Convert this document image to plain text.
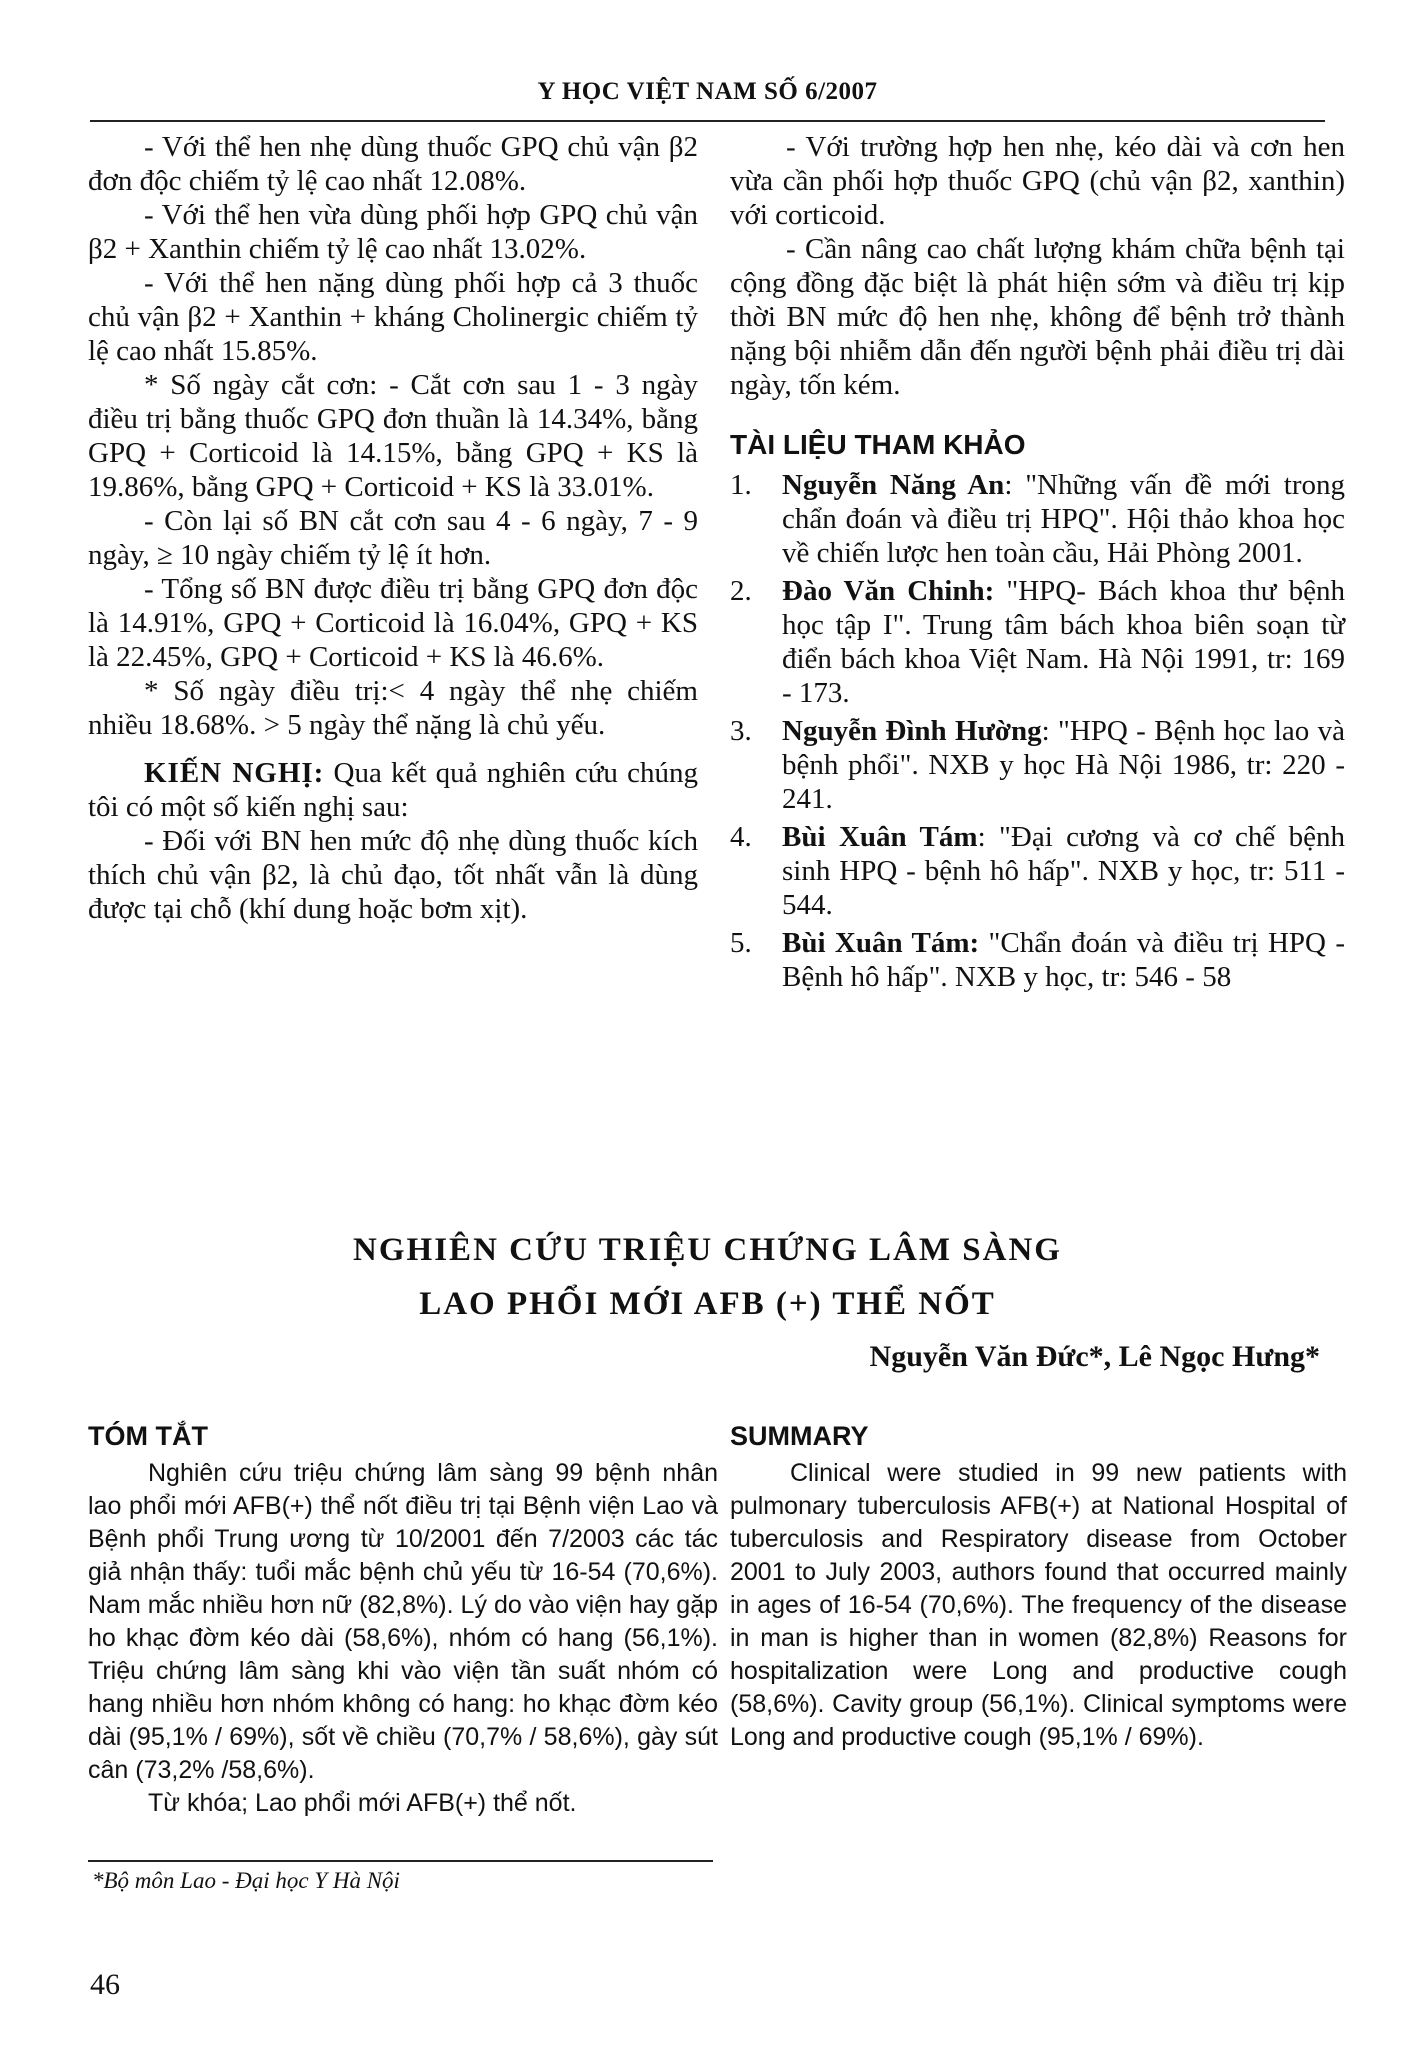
Y HỌC VIỆT NAM SỐ 6/2007

- Với thể hen nhẹ dùng thuốc GPQ chủ vận β2 đơn độc chiếm tỷ lệ cao nhất 12.08%.

- Với thể hen vừa dùng phối hợp GPQ chủ vận β2 + Xanthin chiếm tỷ lệ cao nhất 13.02%.

- Với thể hen nặng dùng phối hợp cả 3 thuốc chủ vận β2 + Xanthin + kháng Cholinergic chiếm tỷ lệ cao nhất 15.85%.

* Số ngày cắt cơn: - Cắt cơn sau 1 - 3 ngày điều trị bằng thuốc GPQ đơn thuần là 14.34%, bằng GPQ + Corticoid là 14.15%, bằng GPQ + KS là 19.86%, bằng GPQ + Corticoid + KS là 33.01%.

- Còn lại số BN cắt cơn sau 4 - 6 ngày, 7 - 9 ngày, ≥ 10 ngày chiếm tỷ lệ ít hơn.

- Tổng số BN được điều trị bằng GPQ đơn độc là 14.91%, GPQ + Corticoid là 16.04%, GPQ + KS là 22.45%, GPQ + Corticoid + KS là 46.6%.

* Số ngày điều trị:< 4 ngày thể nhẹ chiếm nhiều 18.68%. > 5 ngày thể nặng là chủ yếu.

KIẾN NGHỊ: Qua kết quả nghiên cứu chúng tôi có một số kiến nghị sau:

- Đối với BN hen mức độ nhẹ dùng thuốc kích thích chủ vận β2, là chủ đạo, tốt nhất vẫn là dùng được tại chỗ (khí dung hoặc bơm xịt).

- Với trường hợp hen nhẹ, kéo dài và cơn hen vừa cần phối hợp thuốc GPQ (chủ vận β2, xanthin) với corticoid.

- Cần nâng cao chất lượng khám chữa bệnh tại cộng đồng đặc biệt là phát hiện sớm và điều trị kịp thời BN mức độ hen nhẹ, không để bệnh trở thành nặng bội nhiễm dẫn đến người bệnh phải điều trị dài ngày, tốn kém.

TÀI LIỆU THAM KHẢO
1.	Nguyễn Năng An: "Những vấn đề mới trong chẩn đoán và điều trị HPQ". Hội thảo khoa học về chiến lược hen toàn cầu, Hải Phòng 2001.
2.	Đào Văn Chinh: "HPQ- Bách khoa thư bệnh học tập I". Trung tâm bách khoa biên soạn từ điển bách khoa Việt Nam. Hà Nội 1991, tr: 169 - 173.
3.	Nguyễn Đình Hường: "HPQ - Bệnh học lao và bệnh phổi". NXB y học Hà Nội 1986, tr: 220 - 241.
4.	Bùi Xuân Tám: "Đại cương và cơ chế bệnh sinh HPQ - bệnh hô hấp". NXB y học, tr: 511 - 544.
5.	Bùi Xuân Tám: "Chẩn đoán và điều trị HPQ - Bệnh hô hấp". NXB y học, tr: 546 - 58
NGHIÊN CỨU TRIỆU CHỨNG LÂM SÀNG
LAO PHỔI MỚI AFB (+) THỂ NỐT
Nguyễn Văn Đức*, Lê Ngọc Hưng*
TÓM TẮT

Nghiên cứu triệu chứng lâm sàng 99 bệnh nhân lao phổi mới AFB(+) thể nốt điều trị tại Bệnh viện Lao và Bệnh phổi Trung ương từ 10/2001 đến 7/2003 các tác giả nhận thấy: tuổi mắc bệnh chủ yếu từ 16-54 (70,6%). Nam mắc nhiều hơn nữ (82,8%). Lý do vào viện hay gặp ho khạc đờm kéo dài (58,6%), nhóm có hang (56,1%). Triệu chứng lâm sàng khi vào viện tần suất nhóm có hang nhiều hơn nhóm không có hang: ho khạc đờm kéo dài (95,1% / 69%), sốt về chiều (70,7% / 58,6%), gày sút cân (73,2% /58,6%).

Từ khóa; Lao phổi mới AFB(+) thể nốt.

SUMMARY

Clinical were studied in 99 new patients with pulmonary tuberculosis AFB(+) at National Hospital of tuberculosis and Respiratory disease from October 2001 to July 2003, authors found that occurred mainly in ages of 16-54 (70,6%). The frequency of the disease in man is higher than in women (82,8%) Reasons for hospitalization were Long and productive cough (58,6%). Cavity group (56,1%). Clinical symptoms were Long and productive cough (95,1% / 69%).

*Bộ môn Lao - Đại học Y Hà Nội
46
